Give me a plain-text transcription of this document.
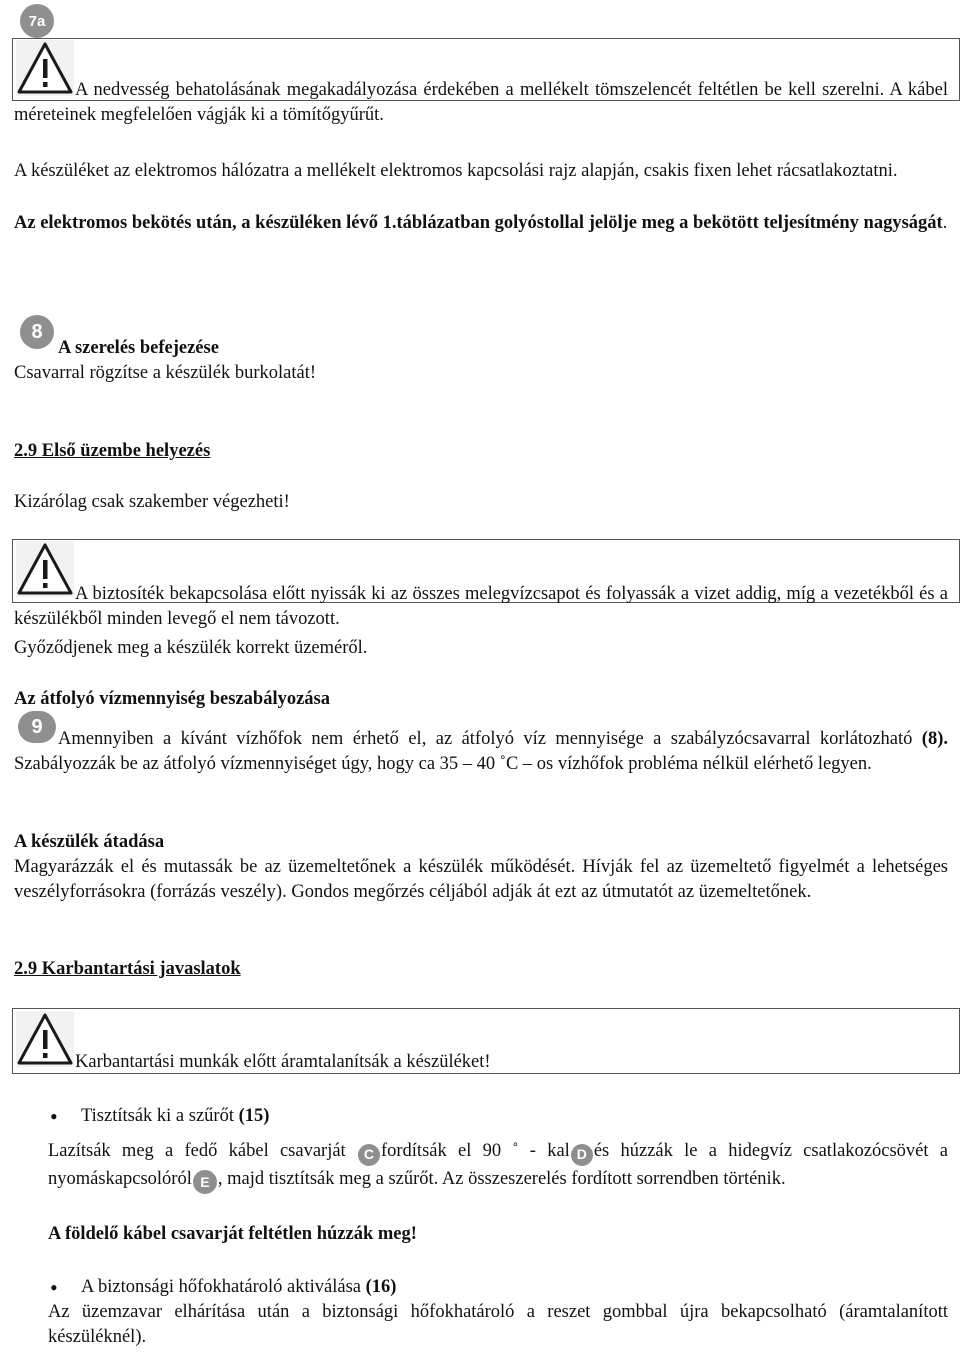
7a
A nedvesség behatolásának megakadályozása érdekében a mellékelt tömszelencét feltétlen be kell szerelni. A kábel méreteinek megfelelően vágják ki a tömítőgyűrűt.
A készüléket az elektromos hálózatra a mellékelt elektromos kapcsolási rajz alapján, csakis fixen lehet rácsatlakoztatni.
Az elektromos bekötés után, a készüléken lévő 1.táblázatban golyóstollal jelölje meg a bekötött teljesítmény nagyságát.
8
A szerelés befejezése
Csavarral rögzítse a készülék burkolatát!
2.9 Első üzembe helyezés
Kizárólag csak szakember végezheti!
A biztosíték bekapcsolása előtt nyissák ki az összes melegvízcsapot és folyassák a vizet addig, míg a vezetékből és a készülékből minden levegő el nem távozott.
Győződjenek meg a készülék korrekt üzeméről.
Az átfolyó vízmennyiség beszabályozása
9
Amennyiben a kívánt vízhőfok nem érhető el, az átfolyó víz mennyisége a szabályzócsavarral korlátozható (8). Szabályozzák be az átfolyó vízmennyiséget úgy, hogy ca 35 – 40 ˚C – os vízhőfok probléma nélkül elérhető legyen.
A készülék átadása
Magyarázzák el és mutassák be az üzemeltetőnek a készülék működését. Hívják fel az üzemeltető figyelmét a lehetséges veszélyforrásokra (forrázás veszély). Gondos megőrzés céljából adják át ezt az útmutatót az üzemeltetőnek.
2.9 Karbantartási javaslatok
Karbantartási munkák előtt áramtalanítsák a készüléket!
• Tisztítsák ki a szűrőt (15)
Lazítsák meg a fedő kábel csavarját C fordítsák el 90 ˚ - kal D és húzzák le a hidegvíz csatlakozócsövét a nyomáskapcsolóról E , majd tisztítsák meg a szűrőt. Az összeszerelés fordított sorrendben történik.
A földelő kábel csavarját feltétlen húzzák meg!
• A biztonsági hőfokhatároló aktiválása (16)
Az üzemzavar elhárítása után a biztonsági hőfokhatároló a reszet gombbal újra bekapcsolható (áramtalanított készüléknél).
